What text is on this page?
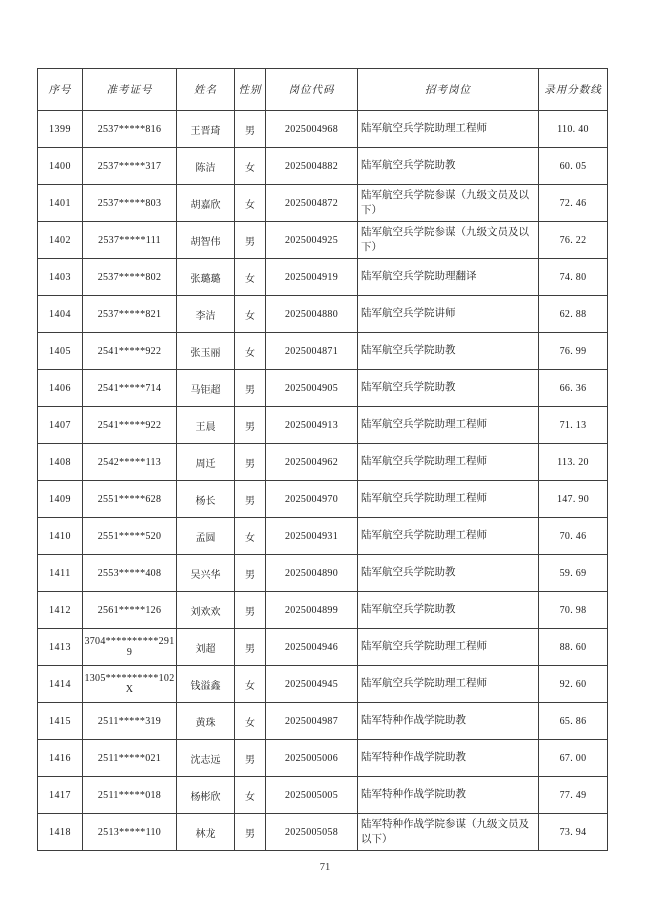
序号	准考证号	姓名	性别	岗位代码	招考岗位	录用分数线
1399	2537*****816	王晋琦	男	2025004968	陆军航空兵学院助理工程师	110. 40
1400	2537*****317	陈洁	女	2025004882	陆军航空兵学院助教	60. 05
1401	2537*****803	胡嘉欣	女	2025004872	陆军航空兵学院参谋（九级文员及以下）	72. 46
1402	2537*****111	胡智伟	男	2025004925	陆军航空兵学院参谋（九级文员及以下）	76. 22
1403	2537*****802	张璐璐	女	2025004919	陆军航空兵学院助理翻译	74. 80
1404	2537*****821	李洁	女	2025004880	陆军航空兵学院讲师	62. 88
1405	2541*****922	张玉丽	女	2025004871	陆军航空兵学院助教	76. 99
1406	2541*****714	马钜超	男	2025004905	陆军航空兵学院助教	66. 36
1407	2541*****922	王晨	男	2025004913	陆军航空兵学院助理工程师	71. 13
1408	2542*****113	周迁	男	2025004962	陆军航空兵学院助理工程师	113. 20
1409	2551*****628	杨长	男	2025004970	陆军航空兵学院助理工程师	147. 90
1410	2551*****520	孟圆	女	2025004931	陆军航空兵学院助理工程师	70. 46
1411	2553*****408	吴兴华	男	2025004890	陆军航空兵学院助教	59. 69
1412	2561*****126	刘欢欢	男	2025004899	陆军航空兵学院助教	70. 98
1413	3704**********2919	刘超	男	2025004946	陆军航空兵学院助理工程师	88. 60
1414	1305**********102X	钱溢鑫	女	2025004945	陆军航空兵学院助理工程师	92. 60
1415	2511*****319	黄珠	女	2025004987	陆军特种作战学院助教	65. 86
1416	2511*****021	沈志远	男	2025005006	陆军特种作战学院助教	67. 00
1417	2511*****018	杨彬欣	女	2025005005	陆军特种作战学院助教	77. 49
1418	2513*****110	林龙	男	2025005058	陆军特种作战学院参谋（九级文员及以下）	73. 94
71
